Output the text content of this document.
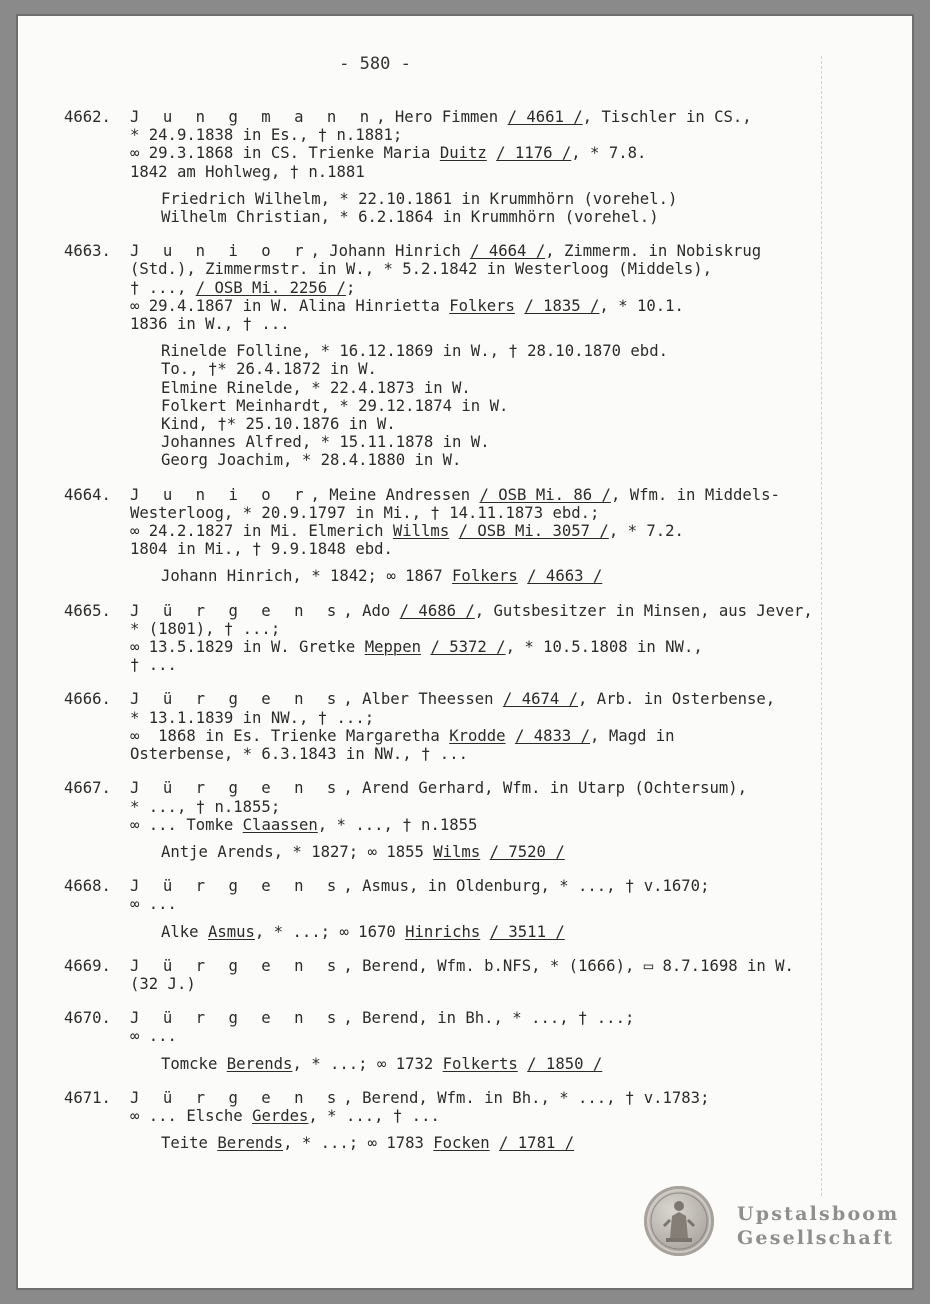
- 580 -
4662.	J u n g m a n n, Hero Fimmen / 4661 /, Tischler in CS.,
* 24.9.1838 in Es., † n.1881;
∞ 29.3.1868 in CS. Trienke Maria Duitz / 1176 /, * 7.8.
1842 am Hohlweg, † n.1881
Friedrich Wilhelm, * 22.10.1861 in Krummhörn (vorehel.)
Wilhelm Christian, * 6.2.1864 in Krummhörn (vorehel.)
4663.	J u n i o r, Johann Hinrich / 4664 /, Zimmerm. in Nobiskrug
(Std.), Zimmermstr. in W., * 5.2.1842 in Westerloog (Middels),
† ..., / OSB Mi. 2256 /;
∞ 29.4.1867 in W. Alina Hinrietta Folkers / 1835 /, * 10.1.
1836 in W., † ...
Rinelde Folline, * 16.12.1869 in W., † 28.10.1870 ebd.
To., †* 26.4.1872 in W.
Elmine Rinelde, * 22.4.1873 in W.
Folkert Meinhardt, * 29.12.1874 in W.
Kind, †* 25.10.1876 in W.
Johannes Alfred, * 15.11.1878 in W.
Georg Joachim, * 28.4.1880 in W.
4664.	J u n i o r, Meine Andressen / OSB Mi. 86 /, Wfm. in Middels-
Westerloog, * 20.9.1797 in Mi., † 14.11.1873 ebd.;
∞ 24.2.1827 in Mi. Elmerich Willms / OSB Mi. 3057 /, * 7.2.
1804 in Mi., † 9.9.1848 ebd.
Johann Hinrich, * 1842; ∞ 1867 Folkers / 4663 /
4665.	J ü r g e n s, Ado / 4686 /, Gutsbesitzer in Minsen, aus Jever,
* (1801), † ...;
∞ 13.5.1829 in W. Gretke Meppen / 5372 /, * 10.5.1808 in NW.,
† ...
4666.	J ü r g e n s, Alber Theessen / 4674 /, Arb. in Osterbense,
* 13.1.1839 in NW., † ...;
∞  1868 in Es. Trienke Margaretha Krodde / 4833 /, Magd in
Osterbense, * 6.3.1843 in NW., † ...
4667.	J ü r g e n s, Arend Gerhard, Wfm. in Utarp (Ochtersum),
* ..., † n.1855;
∞ ... Tomke Claassen, * ..., † n.1855
Antje Arends, * 1827; ∞ 1855 Wilms / 7520 /
4668.	J ü r g e n s, Asmus, in Oldenburg, * ..., † v.1670;
∞ ...
Alke Asmus, * ...; ∞ 1670 Hinrichs / 3511 /
4669.	J ü r g e n s, Berend, Wfm. b.NFS, * (1666), ▭ 8.7.1698 in W.
(32 J.)
4670.	J ü r g e n s, Berend, in Bh., * ..., † ...;
∞ ...
Tomcke Berends, * ...; ∞ 1732 Folkerts / 1850 /
4671.	J ü r g e n s, Berend, Wfm. in Bh., * ..., † v.1783;
∞ ... Elsche Gerdes, * ..., † ...
Teite Berends, * ...; ∞ 1783 Focken / 1781 /
Upstalsboom
Gesellschaft
